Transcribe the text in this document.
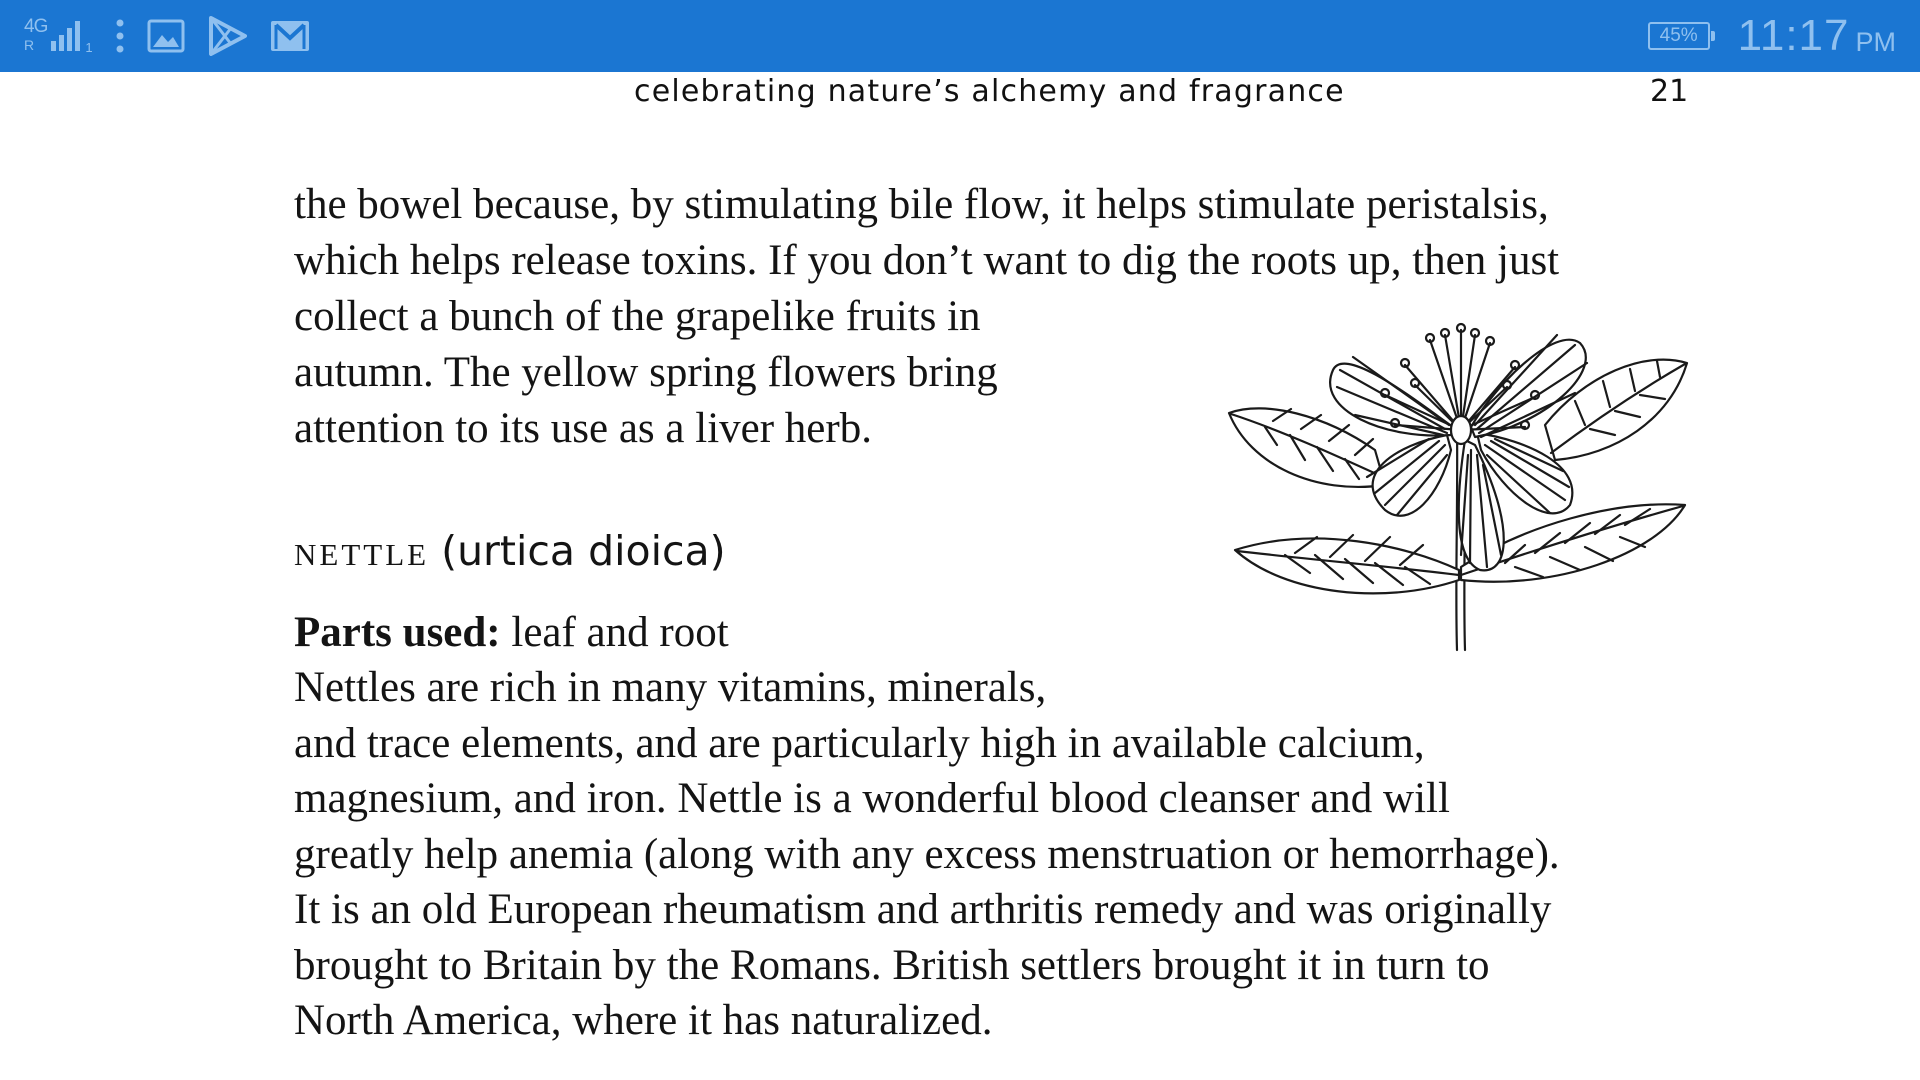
4G
R	1
45% 11:17 PM
celebrating nature’s alchemy and fragrance	21
the bowel because, by stimulating bile flow, it helps stimulate peristalsis,
which helps release toxins. If you don’t want to dig the roots up, then just
collect a bunch of the grapelike fruits in
autumn. The yellow spring flowers bring
attention to its use as a liver herb.
NETTLE (urtica dioica)
Parts used: leaf and root
Nettles are rich in many vitamins, minerals,
and trace elements, and are particularly high in available calcium,
magnesium, and iron. Nettle is a wonderful blood cleanser and will
greatly help anemia (along with any excess menstruation or hemorrhage).
It is an old European rheumatism and arthritis remedy and was originally
brought to Britain by the Romans. British settlers brought it in turn to
North America, where it has naturalized.
